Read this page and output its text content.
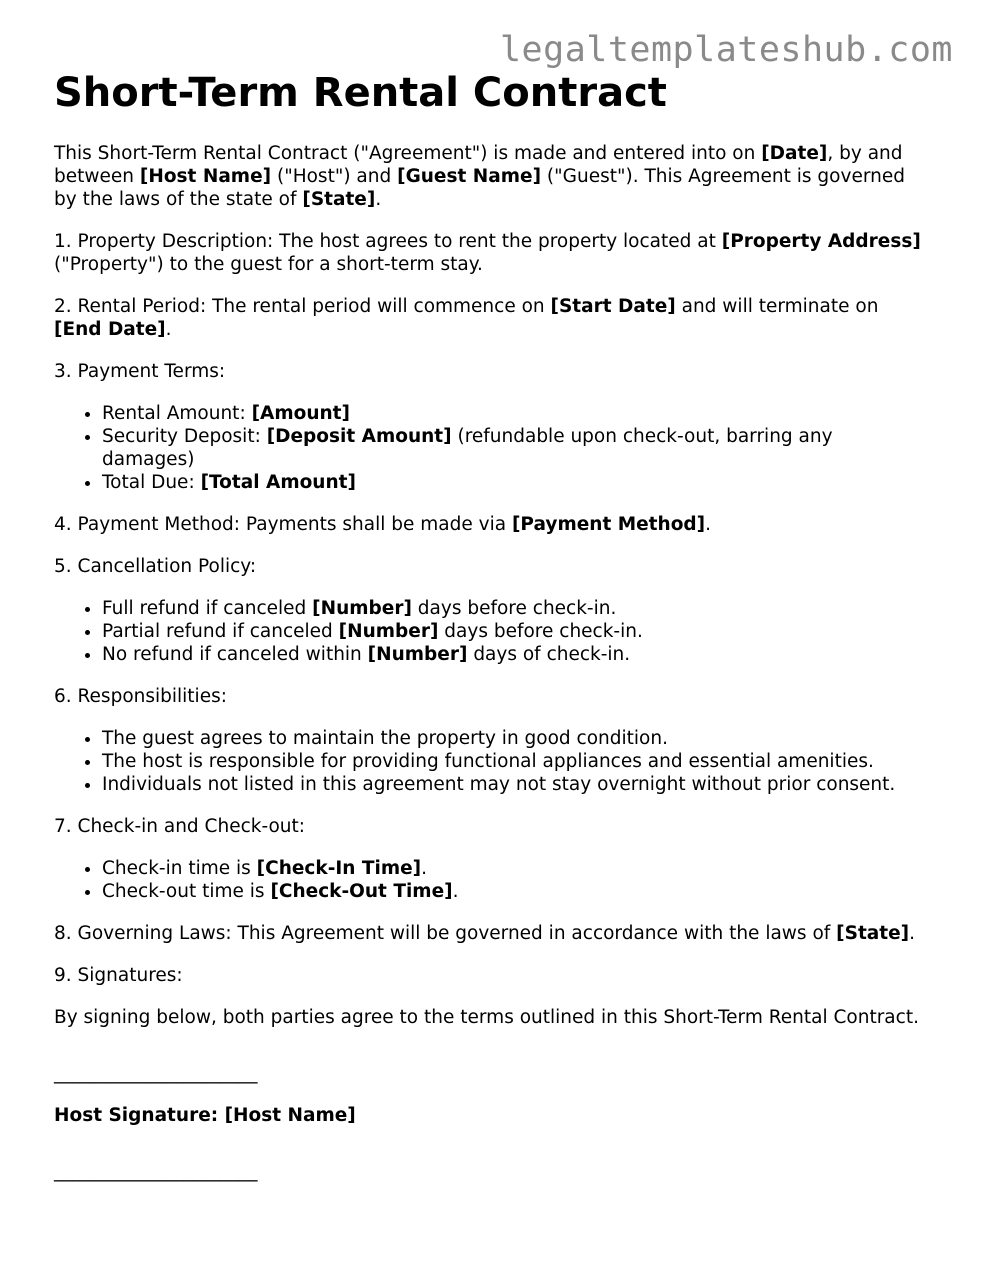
legaltemplateshub.com
Short-Term Rental Contract

This Short-Term Rental Contract ("Agreement") is made and entered into on [Date], by and between [Host Name] ("Host") and [Guest Name] ("Guest"). This Agreement is governed by the laws of the state of [State].

1. Property Description: The host agrees to rent the property located at [Property Address] ("Property") to the guest for a short-term stay.

2. Rental Period: The rental period will commence on [Start Date] and will terminate on [End Date].

3. Payment Terms:

• Rental Amount: [Amount]
• Security Deposit: [Deposit Amount] (refundable upon check-out, barring any damages)
• Total Due: [Total Amount]

4. Payment Method: Payments shall be made via [Payment Method].

5. Cancellation Policy:

• Full refund if canceled [Number] days before check-in.
• Partial refund if canceled [Number] days before check-in.
• No refund if canceled within [Number] days of check-in.

6. Responsibilities:

• The guest agrees to maintain the property in good condition.
• The host is responsible for providing functional appliances and essential amenities.
• Individuals not listed in this agreement may not stay overnight without prior consent.

7. Check-in and Check-out:

• Check-in time is [Check-In Time].
• Check-out time is [Check-Out Time].

8. Governing Laws: This Agreement will be governed in accordance with the laws of [State].

9. Signatures:

By signing below, both parties agree to the terms outlined in this Short-Term Rental Contract.

______________________
Host Signature: [Host Name]
______________________
